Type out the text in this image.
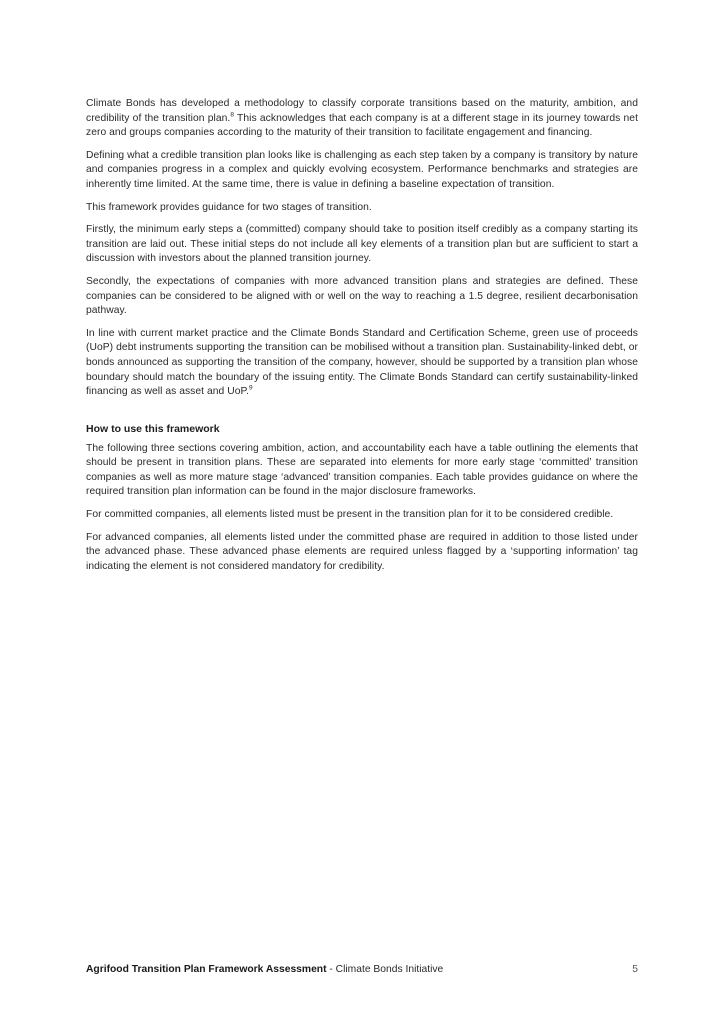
Climate Bonds has developed a methodology to classify corporate transitions based on the maturity, ambition, and credibility of the transition plan.$^8$ This acknowledges that each company is at a different stage in its journey towards net zero and groups companies according to the maturity of their transition to facilitate engagement and financing.

Defining what a credible transition plan looks like is challenging as each step taken by a company is transitory by nature and companies progress in a complex and quickly evolving ecosystem. Performance benchmarks and strategies are inherently time limited. At the same time, there is value in defining a baseline expectation of transition.

This framework provides guidance for two stages of transition.

Firstly, the minimum early steps a (committed) company should take to position itself credibly as a company starting its transition are laid out. These initial steps do not include all key elements of a transition plan but are sufficient to start a discussion with investors about the planned transition journey.

Secondly, the expectations of companies with more advanced transition plans and strategies are defined. These companies can be considered to be aligned with or well on the way to reaching a 1.5 degree, resilient decarbonisation pathway.

In line with current market practice and the Climate Bonds Standard and Certification Scheme, green use of proceeds (UoP) debt instruments supporting the transition can be mobilised without a transition plan. Sustainability-linked debt, or bonds announced as supporting the transition of the company, however, should be supported by a transition plan whose boundary should match the boundary of the issuing entity. The Climate Bonds Standard can certify sustainability-linked financing as well as asset and UoP.$^9$

How to use this framework

The following three sections covering ambition, action, and accountability each have a table outlining the elements that should be present in transition plans. These are separated into elements for more early stage ‘committed’ transition companies as well as more mature stage ‘advanced’ transition companies. Each table provides guidance on where the required transition plan information can be found in the major disclosure frameworks.

For committed companies, all elements listed must be present in the transition plan for it to be considered credible.

For advanced companies, all elements listed under the committed phase are required in addition to those listed under the advanced phase. These advanced phase elements are required unless flagged by a ‘supporting information’ tag indicating the element is not considered mandatory for credibility.

Agrifood Transition Plan Framework Assessment - Climate Bonds Initiative	5
